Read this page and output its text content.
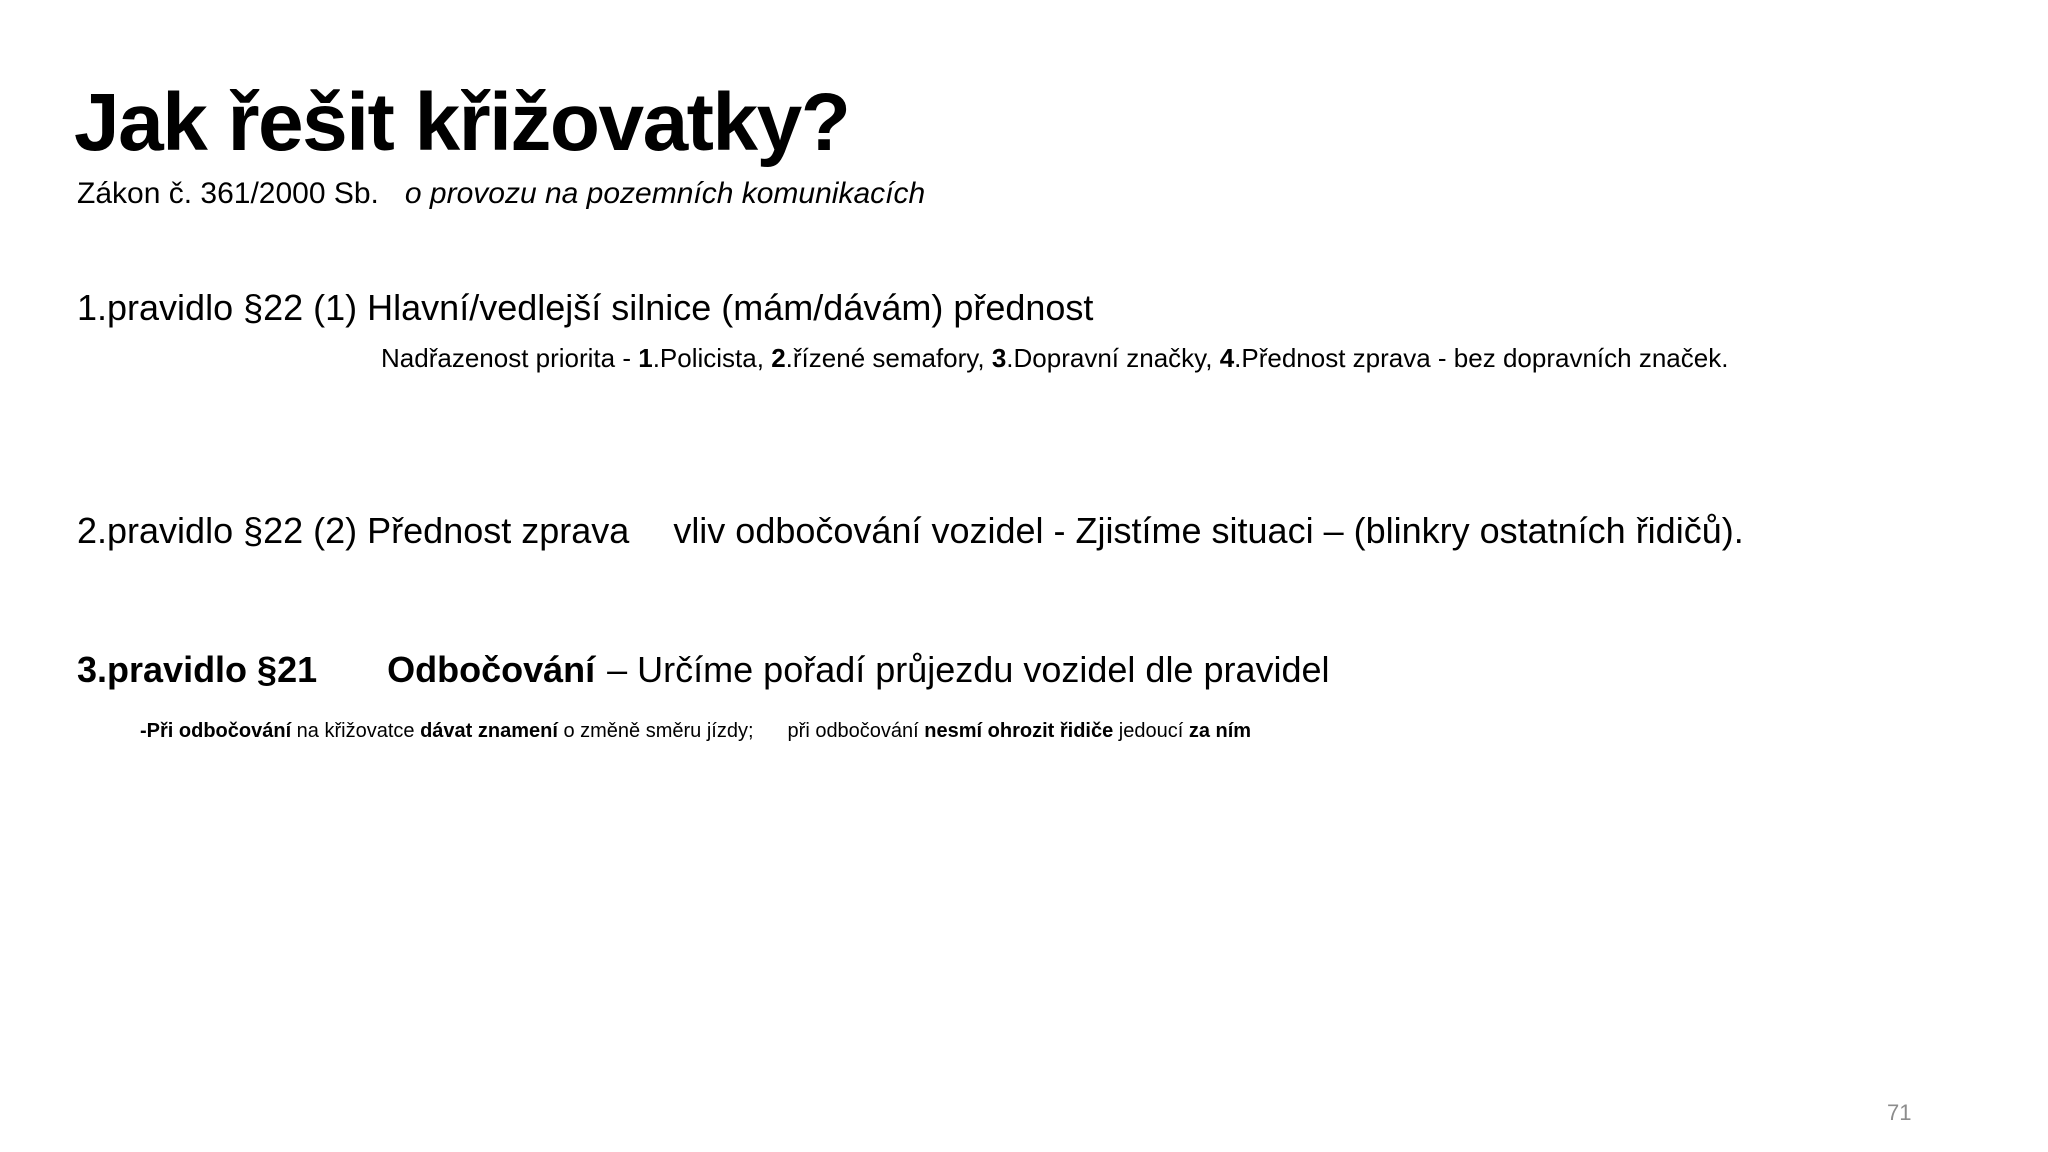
Jak řešit křižovatky?
Zákon č. 361/2000 Sb. o provozu na pozemních komunikacích
1.pravidlo §22 (1) Hlavní/vedlejší silnice (mám/dávám) přednost
Nadřazenost priorita - 1.Policista, 2.řízené semafory, 3.Dopravní značky, 4.Přednost zprava - bez dopravních značek.
2.pravidlo §22 (2) Přednost zprava vliv odbočování vozidel - Zjistíme situaci – (blinkry ostatních řidičů).
3.pravidlo §21 Odbočování – Určíme pořadí průjezdu vozidel dle pravidel
-Při odbočování na křižovatce dávat znamení o změně směru jízdy; při odbočování nesmí ohrozit řidiče jedoucí za ním
71
